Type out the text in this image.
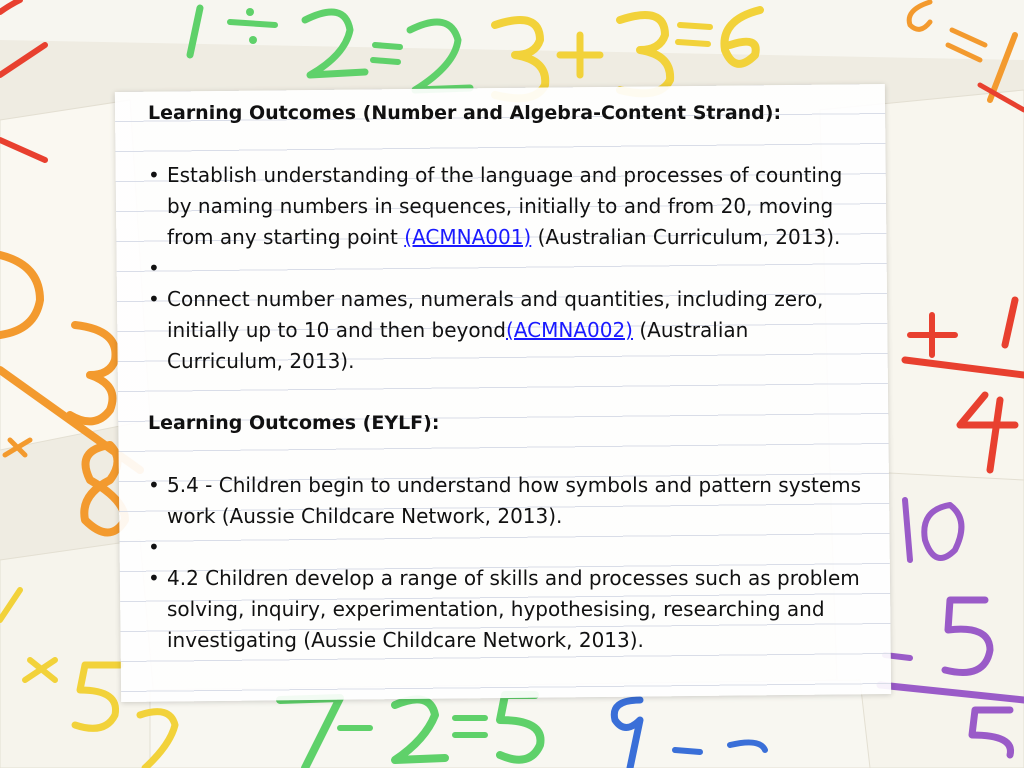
Learning Outcomes (Number and Algebra-Content Strand):

• Establish understanding of the language and processes of counting by naming numbers in sequences, initially to and from 20, moving from any starting point (ACMNA001) (Australian Curriculum, 2013).
•
• Connect number names, numerals and quantities, including zero, initially up to 10 and then beyond(ACMNA002) (Australian Curriculum, 2013).

Learning Outcomes (EYLF):

• 5.4 - Children begin to understand how symbols and pattern systems work (Aussie Childcare Network, 2013).
•
• 4.2 Children develop a range of skills and processes such as problem solving, inquiry, experimentation, hypothesising, researching and investigating (Aussie Childcare Network, 2013).
